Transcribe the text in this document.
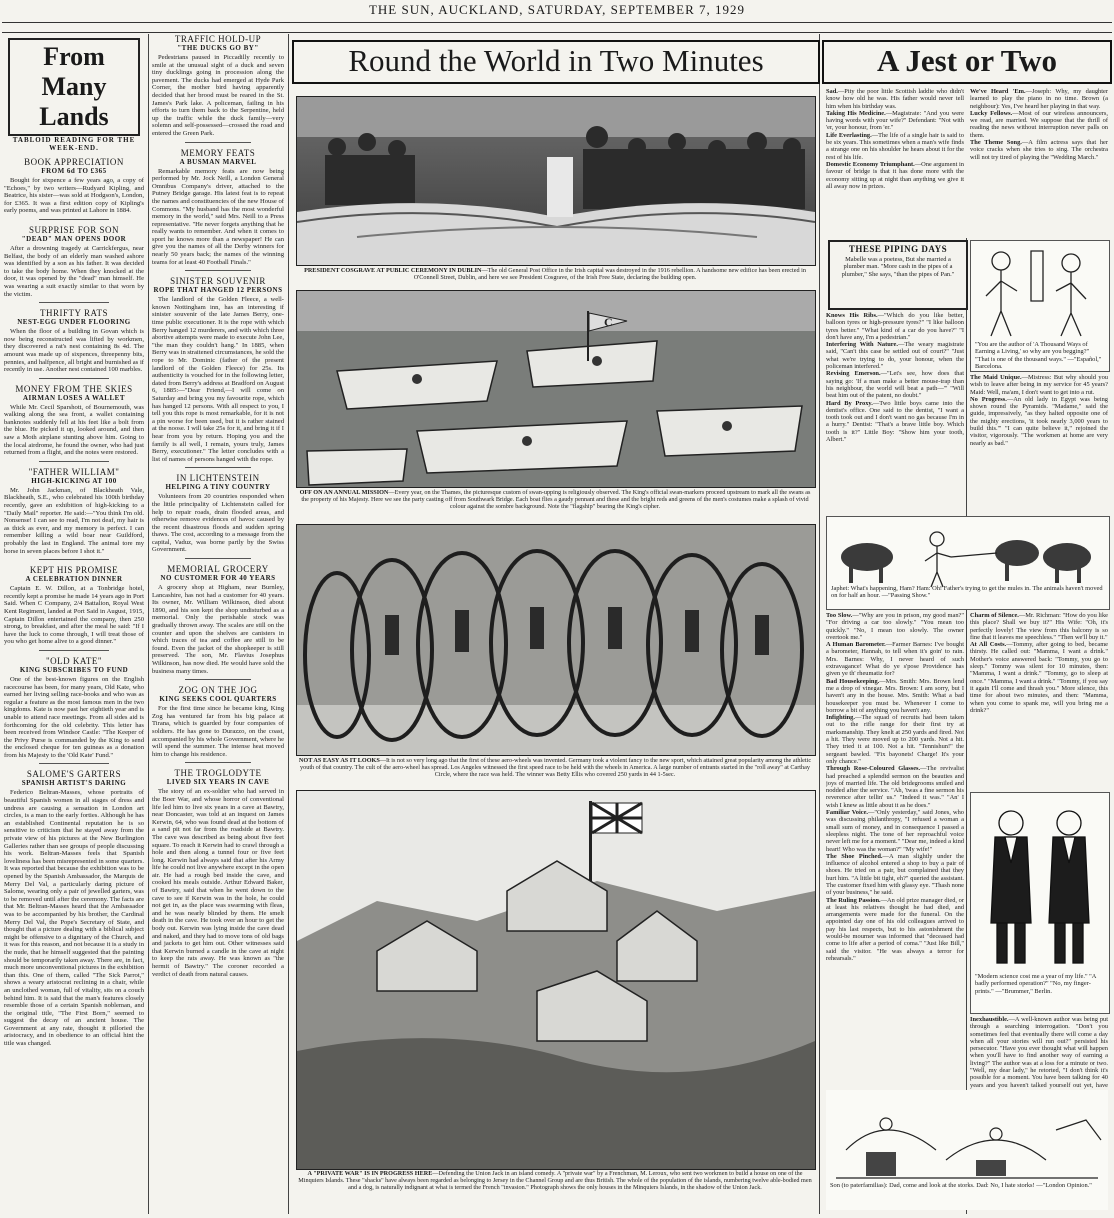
THE SUN, AUCKLAND, SATURDAY, SEPTEMBER 7, 1929
From Many Lands
TABLOID READING FOR THE WEEK-END.
BOOK APPRECIATION
FROM 6d TO £365

Bought for sixpence a few years ago, a copy of "Echoes," by two writers—Rudyard Kipling, and Beatrice, his sister—was sold at Hodgson's, London, for £365. It was a first edition copy of Kipling's early poems, and was printed at Lahore in 1884.

SURPRISE FOR SON
"DEAD" MAN OPENS DOOR

After a drowning tragedy at Carrickfergus, near Belfast, the body of an elderly man washed ashore was identified by a son as his father. It was decided to take the body home. When they knocked at the door, it was opened by the "dead" man himself. He was wearing a suit exactly similar to that worn by the victim.

THRIFTY RATS
NEST-EGG UNDER FLOORING

When the floor of a building in Govan which is now being reconstructed was lifted by workmen, they discovered a rat's nest containing 8s 4d. The amount was made up of sixpences, threepenny bits, pennies, and halfpence, all bright and burnished as if recently in use. Another nest contained 100 marbles.

MONEY FROM THE SKIES
AIRMAN LOSES A WALLET

While Mr. Cecil Sparshott, of Bournemouth, was walking along the sea front, a wallet containing banknotes suddenly fell at his feet like a bolt from the blue. He picked it up, looked around, and then saw a Moth airplane stunting above him. Going to the local airdrome, he found the owner, who had just returned from a flight, and the notes were restored.

"FATHER WILLIAM"
HIGH-KICKING AT 100

Mr. John Jackman, of Blackheath Vale, Blackheath, S.E., who celebrated his 100th birthday recently, gave an exhibition of high-kicking to a "Daily Mail" reporter. He said:—"You think I'm old. Nonsense! I can see to read, I'm not deaf, my hair is as thick as ever, and my memory is perfect. I can remember killing a wild boar near Guildford, probably the last in England. The animal tore my horse in seven places before I shot it."

KEPT HIS PROMISE
A CELEBRATION DINNER

Captain E. W. Dillon, at a Tonbridge hotel, recently kept a promise he made 14 years ago in Port Said. When C Company, 2/4 Battalion, Royal West Kent Regiment, landed at Port Said in August, 1915, Captain Dillon entertained the company, then 250 strong, to breakfast, and after the meal he said: "If I have the luck to come through, I will treat those of you who get home alive to a good dinner."

"OLD KATE"
KING SUBSCRIBES TO FUND

One of the best-known figures on the English racecourse has been, for many years, Old Kate, who earned her living selling race-books and who was as regular a feature as the most famous men in the two kingdoms. Kate is now past her eightieth year and is unable to attend race meetings. From all sides aid is forthcoming for the old celebrity. This letter has been received from Windsor Castle: "The Keeper of the Privy Purse is commanded by the King to send the enclosed cheque for ten guineas as a donation from his Majesty to the 'Old Kate' Fund."

SALOME'S GARTERS
SPANISH ARTIST'S DARING

Federico Beltran-Masses, whose portraits of beautiful Spanish women in all stages of dress and undress are causing a sensation in London art circles, is a man to the early forties. Although he has an established Continental reputation he is so sensitive to criticism that he stayed away from the private view of his pictures at the New Burlington Galleries rather than see groups of people discussing his work. Beltran-Masses feels that Spanish loveliness has been misrepresented in some quarters. It was reported that because the exhibition was to be opened by the Spanish Ambassador, the Marquis de Merry Del Val, a particularly daring picture of Salome, wearing only a pair of jewelled garters, was to be removed until after the ceremony. The facts are that Mr. Beltran-Masses heard that the Ambassador was to be accompanied by his brother, the Cardinal Merry Del Val, the Pope's Secretary of State, and thought that a picture dealing with a biblical subject might be offensive to a dignitary of the Church, and it was for this reason, and not because it is a study in the nude, that he himself suggested that the painting should be temporarily taken away. There are, in fact, much more unconventional pictures in the exhibition than this. One of them, called "The Sick Parrot," shows a weary aristocrat reclining in a chair, while an unclothed woman, full of vitality, sits on a couch behind him. It is said that the man's features closely resemble those of a certain Spanish nobleman, and the original title, "The First Born," seemed to suggest the decay of an ancient house. The Government at any rate, thought it pilloried the aristocracy, and in obedience to an official hint the title was changed.

TRAFFIC HOLD-UP
"THE DUCKS GO BY"

Pedestrians paused in Piccadilly recently to smile at the unusual sight of a duck and seven tiny ducklings going in procession along the pavement. The ducks had emerged at Hyde Park Corner, the mother bird having apparently decided that her brood must be reared in the St. James's Park lake. A policeman, failing in his efforts to turn them back to the Serpentine, held up the traffic while the duck family—very solemn and self-possessed—crossed the road and entered the Green Park.

MEMORY FEATS
A BUSMAN MARVEL

Remarkable memory feats are now being performed by Mr. Jock Neill, a London General Omnibus Company's driver, attached to the Putney Bridge garage. His latest feat is to repeat the names and constituencies of the new House of Commons. "My husband has the most wonderful memory in the world," said Mrs. Neill to a Press representative. "He never forgets anything that he really wants to remember. And when it comes to sport he knows more than a newspaper! He can give you the names of all the Derby winners for nearly 50 years back; the names of the winning teams for at least 40 Football Finals."

SINISTER SOUVENIR
ROPE THAT HANGED 12 PERSONS

The landlord of the Golden Fleece, a well-known Nottingham inn, has an interesting if sinister souvenir of the late James Berry, one-time public executioner. It is the rope with which Berry hanged 12 murderers, and with which three abortive attempts were made to execute John Lee, "the man they couldn't hang." In 1885, when Berry was in straitened circumstances, he sold the rope to Mr. Dominic (father of the present landlord of the Golden Fleece) for 25s. Its authenticity is vouched for in the following letter, dated from Berry's address at Bradford on August 6, 1885:—"Dear Friend,—I will come on Saturday and bring you my favourite rope, which has hanged 12 persons. With all respect to you, I tell you this rope is most remarkable, for it is not a pin worse for been used, but it is rather stained at the noose. I will take 25s for it, and bring it if I hear from you by return. Hoping you and the family is all well, I remain, yours truly, James Berry, executioner." The letter concludes with a list of names of persons hanged with the rope.

IN LICHTENSTEIN
HELPING A TINY COUNTRY

Volunteers from 20 countries responded when the little principality of Lichtenstein called for help to repair roads, drain flooded areas, and otherwise remove evidences of havoc caused by the recent disastrous floods and sudden spring thaws. The cost, according to a message from the capital, Vaduz, was borne partly by the Swiss Government.

MEMORIAL GROCERY
NO CUSTOMER FOR 40 YEARS

A grocery shop at Higham, near Burnley, Lancashire, has not had a customer for 40 years. Its owner, Mr. William Wilkinson, died about 1890, and his son kept the shop undisturbed as a memorial. Only the perishable stock was gradually thrown away. The scales are still on the counter and upon the shelves are canisters in which traces of tea and coffee are still to be found. Even the jacket of the shopkeeper is still preserved. The son, Mr. Flavius Josephus Wilkinson, has now died. He would have sold the business many times.

ZOG ON THE JOG
KING SEEKS COOL QUARTERS

For the first time since he became king, King Zog has ventured far from his big palace at Tirana, which is guarded by four companies of soldiers. He has gone to Durazzo, on the coast, accompanied by his whole Government, where he will spend the summer. The intense heat moved him to change his residence.

THE TROGLODYTE
LIVED SIX YEARS IN CAVE

The story of an ex-soldier who had served in the Boer War, and whose horror of conventional life led him to live six years in a cave at Bawtry, near Doncaster, was told at an inquest on James Kerwin, 64, who was found dead at the bottom of a sand pit not far from the roadside at Bawtry. The cave was described as being about five feet square. To reach it Kerwin had to crawl through a hole and then along a tunnel four or five feet long. Kerwin had always said that after his Army life he could not live anywhere except in the open air. He had a rough bed inside the cave, and cooked his meals outside. Arthur Edward Baker, of Bawtry, said that when he went down to the cave to see if Kerwin was in the hole, he could not get in, as the place was swarming with fleas, and he was nearly blinded by them. He smelt death in the cave. He took over an hour to get the body out. Kerwin was lying inside the cave dead and naked, and they had to move tons of old bags and jackets to get him out. Other witnesses said that Kerwin burned a candle in the cave at night to keep the rats away. He was known as "the hermit of Bawtry." The coroner recorded a verdict of death from natural causes.

Round the World in Two Minutes
PRESIDENT COSGRAVE AT PUBLIC CEREMONY IN DUBLIN—The old General Post Office in the Irish capital was destroyed in the 1916 rebellion. A handsome new edifice has been erected in O'Connell Street, Dublin, and here we see President Cosgrave, of the Irish Free State, declaring the building open.
C
OFF ON AN ANNUAL MISSION—Every year, on the Thames, the picturesque custom of swan-upping is religiously observed. The King's official swan-markers proceed upstream to mark all the swans as the property of his Majesty. Here we see the party casting off from Southwark Bridge. Each boat flies a gaudy pennant and these and the bright reds and greens of the men's costumes make a splash of vivid colour against the sombre background. Note the "flagship" bearing the King's cipher.
NOT AS EASY AS IT LOOKS—It is not so very long ago that the first of these aero-wheels was invented. Germany took a violent fancy to the new sport, which attained great popularity among the athletic youth of that country. The cult of the aero-wheel has spread. Los Angeles witnessed the first speed race to be held with the wheels in America. A large number of entrants started in the "roll away" at Carthay Circle, where the race was held. The winner was Betty Ellis who covered 250 yards in 44 1-5sec.
A "PRIVATE WAR" IS IN PROGRESS HERE—Defending the Union Jack in an island comedy. A "private war" by a Frenchman, M. Leroux, who sent two workmen to build a house on one of the Minquiers Islands. These "shacks" have always been regarded as belonging to Jersey in the Channel Group and are thus British. The whole of the population of the islands, numbering twelve able-bodied men and a dog, is naturally indignant at what is termed the French "invasion." Photograph shows the only houses in the Minquiers Islands, in the shadow of the Union Jack.
A Jest or Two
Sad.—Pity the poor little Scottish laddie who didn't know how old he was. His father would never tell him when his birthday was.
Taking His Medicine.—Magistrate: "And you were having words with your wife?" Defendant: "Not with 'er, your honour, from 'er."
Life Everlasting.—The life of a single hair is said to be six years. This sometimes when a man's wife finds a strange one on his shoulder he hears about it for the rest of his life.
Domestic Economy Triumphant.—One argument in favour of bridge is that it has done more with the economy sitting up at night than anything we give it all away now in prizes.
We've Heard 'Em.—Joseph: Why, my daughter learned to play the piano in no time. Brown (a neighbour): Yes, I've heard her playing in that way.
Lucky Fellows.—Most of our wireless announcers, we read, are married. We suppose that the thrill of reading the news without interruption never palls on them.
The Theme Song.—A film actress says that her voice cracks when she tries to sing. The orchestra will not try tired of playing the "Wedding March."
THESE PIPING DAYS
Mabelle was a poetess, But she married a plumber man. "More cash in the pipes of a plumber," She says, "than the pipes of Pan."
Knows His Ribs.—"Which do you like better, balloon tyres or high-pressure tyres?" "I like balloon tyres better." "What kind of a car do you have?" "I don't have any, I'm a pedestrian."
Interfering With Nature.—The weary magistrate said, "Can't this case be settled out of court?" "Just what we're trying to do, your honour, when the policeman interfered."
Revising Emerson.—"Let's see, how does that saying go: 'If a man make a better mouse-trap than his neighbour, the world will beat a path—'" "Will beat him out of the patent, no doubt."
Hard By Proxy.—Two little boys came into the dentist's office. One said to the dentist, "I want a tooth took out and I don't want no gas because I'm in a hurry." Dentist: "That's a brave little boy. Which tooth is it?" Little Boy: "Show him your tooth, Albert."
"You are the author of 'A Thousand Ways of Earning a Living,' so why are you begging?" "That is one of the thousand ways." —"Español," Barcelona.
The Maid Unique.—Mistress: But why should you wish to leave after being in my service for 45 years? Maid: Well, ma'am, I don't want to get into a rut.
No Progress.—An old lady in Egypt was being shown round the Pyramids. "Madame," said the guide, impressively, "as they halted opposite one of the mighty erections, 'it took nearly 3,000 years to build this.'" "I can quite believe it," rejoined the visitor, vigorously. "The workmen at home are very nearly as bad."
Japhet: What's happening, Ham? Ham: Oh! Father's trying to get the mules in. The animals haven't moved on for half an hour. —"Passing Show."
Too Slow.—"Why are you in prison, my good man?" "For driving a car too slowly." "You mean too quickly." "No, I mean too slowly. The owner overtook me."
A Human Barometer.—Farmer Barnes: I've bought a barometer, Hannah, to tell when it's goin' to rain. Mrs. Barnes: Why, I never heard of such extravagance! What do ye s'pose Providence has given ye th' rheumatiz for?
Bad Housekeeping.—Mrs. Smith: Mrs. Brown lend me a drop of vinegar. Mrs. Brown: I am sorry, but I haven't any in the house. Mrs. Smith: What a bad housekeeper you must be. Whenever I come to borrow a bit of anything you haven't any.
Infighting.—The squad of recruits had been taken out to the rifle range for their first try at marksmanship. They knelt at 250 yards and fired. Not a hit. They were moved up to 200 yards. Not a hit. They tried it at 100. Not a hit. "Tennishun!" the sergeant bawled. "Fix bayonets! Charge! It's your only chance."
Through Rose-Coloured Glasses.—The revivalist had preached a splendid sermon on the beauties and joys of married life. The old bridegrooms smiled and nodded after the service. "Ah, 'twas a fine sermon his reverence after tellin' us." "Indeed it was." "An' I wish I knew as little about it as he does."
Familiar Voice.—"Only yesterday," said Jones, who was discussing philanthropy, "I refused a woman a small sum of money, and in consequence I passed a sleepless night. The tone of her reproachful voice never left me for a moment." "Dear me, indeed a kind heart! Who was the woman?" "My wife!"
The Shoe Pinched.—A man slightly under the influence of alcohol entered a shop to buy a pair of shoes. He tried on a pair, but complained that they hurt him. "A little bit tight, eh?" queried the assistant. The customer fixed him with glassy eye. "Thash none of your business," he said.
The Ruling Passion.—An old prize manager died, or at least his relatives thought he had died, and arrangements were made for the funeral. On the appointed day one of his old colleagues arrived to pay his last respects, but to his astonishment the would-be mourner was informed that "deceased had come to life after a period of coma." "Just like Bill," said the visitor. "He was always a terror for rehearsals."
Charm of Silence.—Mr. Richman: "How do you like this place? Shall we buy it?" His Wife: "Oh, it's perfectly lovely! The view from this balcony is so fine that it leaves me speechless." "Then we'll buy it."
At All Costs.—Tommy, after going to bed, became thirsty. He called out: "Mamma, I want a drink." Mother's voice answered back: "Tommy, you go to sleep." Tommy was silent for 10 minutes, then: "Mamma, I want a drink." "Tommy, go to sleep at once." "Mamma, I want a drink." "Tommy, if you say it again I'll come and thrash you." More silence, this time for about two minutes, and then: "Mamma, when you come to spank me, will you bring me a drink?"
"Modern science cost me a year of my life." "A badly performed operation?" "No, my finger-prints." —"Brummer," Berlin.
Inexhaustible.—A well-known author was being put through a searching interrogation. "Don't you sometimes feel that eventually there will come a day when all your stories will run out?" persisted his persecutor. "Have you ever thought what will happen when you'll have to find another way of earning a living?" The author was at a loss for a minute or two. "Well, my dear lady," he retorted, "I don't think it's possible for a moment. You have been talking for 40 years and you haven't talked yourself out yet, have
Son (to paterfamilias): Dad, come and look at the storks. Dad: No, I hate storks! —"London Opinion."
